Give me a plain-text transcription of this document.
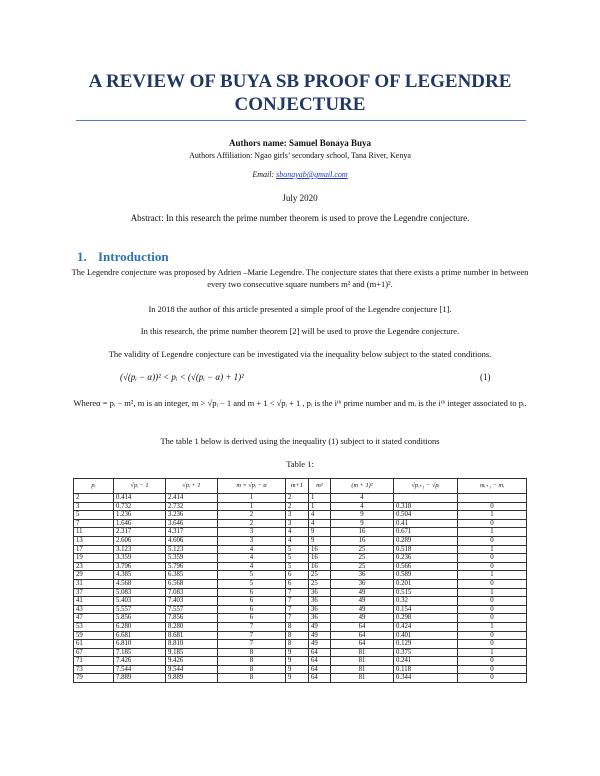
A REVIEW OF BUYA SB PROOF OF LEGENDRE CONJECTURE

Authors name: Samuel Bonaya Buya

Authors Affiliation: Ngao girls’ secondary school, Tana River, Kenya

Email: sbonayab@gmail.com

July 2020

Abstract: In this research the prime number theorem is used to prove the Legendre conjecture.

1. Introduction

The Legendre conjecture was proposed by Adrien –Marie Legendre. The conjecture states that there exists a prime number in between every two consecutive square numbers m² and (m+1)².

In 2018 the author of this article presented a simple proof of the Legendre conjecture [1].

In this research, the prime number theorem [2] will be used to prove the Legendre conjecture.

The validity of Legendre conjecture can be investigated via the inequality below subject to the stated conditions.

(√(pᵢ − α))² < pᵢ < (√(pᵢ − α) + 1)²	(1)

Whereα = pᵢ − m², m is an integer, m > √pᵢ − 1 and m + 1 < √pᵢ + 1 , pᵢ is the iᵗʰ prime number and mᵢ is the iᵗʰ integer associated to pᵢ.

The table 1 below is derived using the inequality (1) subject to it stated conditions

Table 1:

pᵢ	√pᵢ − 1	√pᵢ + 1	m = √pᵢ − α	m+1	m²	(m + 1)²	√pᵢ₊₁ − √pᵢ	mᵢ₊₁ − mᵢ
2	0.414	2.414	1	2	1	4		
3	0.732	2.732	1	2	1	4	0.318	0
5	1.236	3.236	2	3	4	9	0.504	1
7	1.646	3.646	2	3	4	9	0.41	0
11	2.317	4.317	3	4	9	16	0.671	1
13	2.606	4.606	3	4	9	16	0.289	0
17	3.123	5.123	4	5	16	25	0.518	1
19	3.359	5.359	4	5	16	25	0.236	0
23	3.796	5.796	4	5	16	25	0.566	0
29	4.385	6.385	5	6	25	36	0.589	1
31	4.568	6.568	5	6	25	36	0.201	0
37	5.083	7.083	6	7	36	49	0.515	1
41	5.403	7.403	6	7	36	49	0.32	0
43	5.557	7.557	6	7	36	49	0.154	0
47	5.856	7.856	6	7	36	49	0.298	0
53	6.280	8.280	7	8	49	64	0.424	1
59	6.681	8.681	7	8	49	64	0.401	0
61	6.810	8.810	7	8	49	64	0.129	0
67	7.185	9.185	8	9	64	81	0.375	1
71	7.426	9.426	8	9	64	81	0.241	0
73	7.544	9.544	8	9	64	81	0.118	0
79	7.889	9.889	8	9	64	81	0.344	0
